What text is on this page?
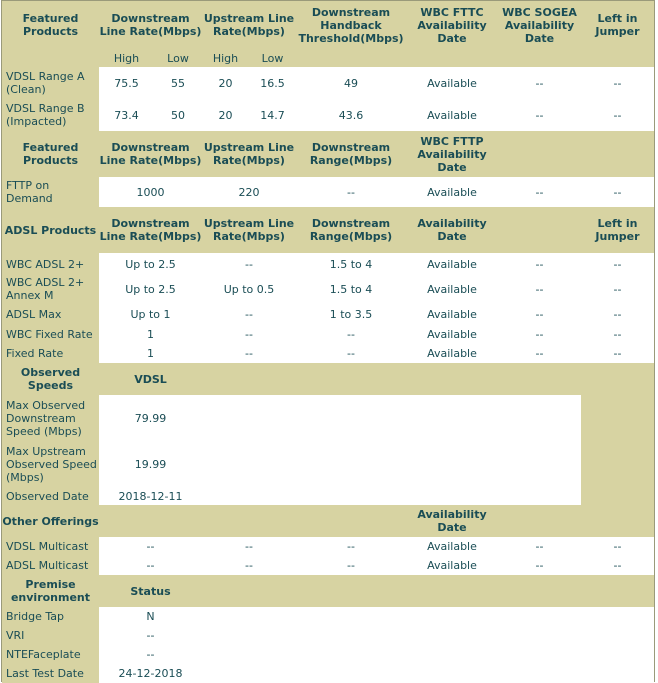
Featured Products	Downstream Line Rate(Mbps)		Upstream Line Rate(Mbps)		Downstream Handback Threshold(Mbps)	WBC FTTC Availability Date	WBC SOGEA Availability Date	Left in Jumper
	High	Low	High	Low				
VDSL Range A (Clean)	75.5	55	20	16.5	49	Available	--	--
VDSL Range B (Impacted)	73.4	50	20	14.7	43.6	Available	--	--
Featured Products	Downstream Line Rate(Mbps)		Upstream Line Rate(Mbps)		Downstream Range(Mbps)	WBC FTTP Availability Date		
FTTP on Demand	1000		220		--	Available	--	--
ADSL Products	Downstream Line Rate(Mbps)		Upstream Line Rate(Mbps)		Downstream Range(Mbps)	Availability Date		Left in Jumper
WBC ADSL 2+	Up to 2.5		--		1.5 to 4	Available	--	--
WBC ADSL 2+ Annex M	Up to 2.5		Up to 0.5		1.5 to 4	Available	--	--
ADSL Max	Up to 1		--		1 to 3.5	Available	--	--
WBC Fixed Rate	1		--		--	Available	--	--
Fixed Rate	1		--		--	Available	--	--
Observed Speeds	VDSL							
Max Observed Downstream Speed (Mbps)	79.99							
Max Upstream Observed Speed (Mbps)	19.99							
Observed Date	2018-12-11							
Other Offerings						Availability Date		
VDSL Multicast	--		--		--	Available	--	--
ADSL Multicast	--		--		--	Available	--	--
Premise environment	Status							
Bridge Tap	N							
VRI	--							
NTEFaceplate	--							
Last Test Date	24-12-2018							
